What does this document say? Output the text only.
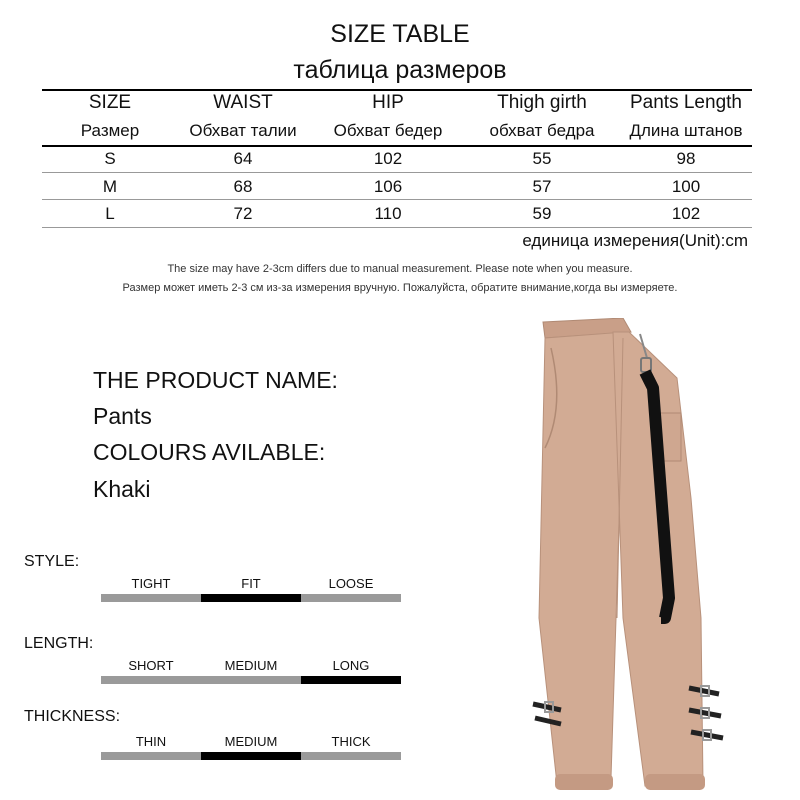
SIZE TABLE
таблица размеров
SIZE	WAIST	HIP	Thigh girth	Pants Length
Размер	Обхват талии	Обхват бедер	обхват бедра	Длина штанов
S	64	102	55	98
M	68	106	57	100
L	72	110	59	102
единица измерения(Unit):cm
The size may have 2-3cm differs due to manual measurement. Please note when you measure.
Размер может иметь 2-3 см из-за измерения вручную. Пожалуйста, обратите внимание,когда вы измеряете.
THE PRODUCT NAME:
Pants
COLOURS AVILABLE:
Khaki
STYLE:
TIGHT	FIT	LOOSE
LENGTH:
SHORT	MEDIUM	LONG
THICKNESS:
THIN	MEDIUM	THICK
